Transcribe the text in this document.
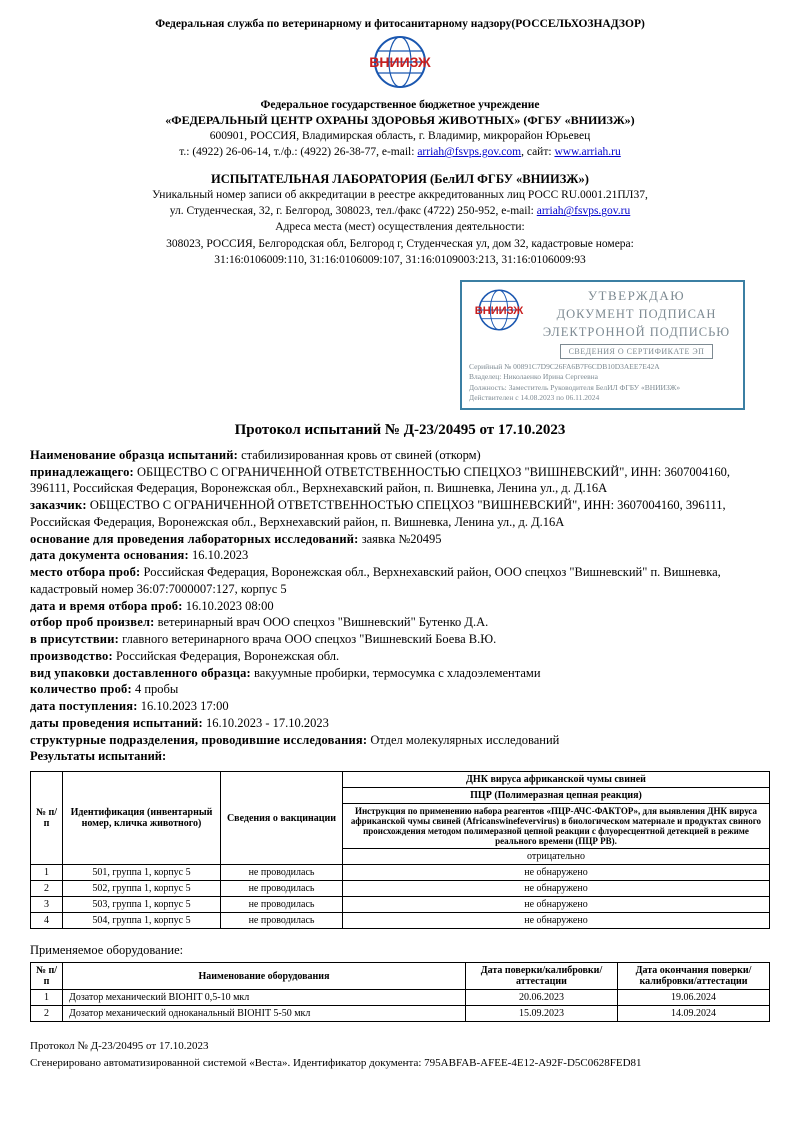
Федеральная служба по ветеринарному и фитосанитарному надзору(РОССЕЛЬХОЗНАДЗОР)
ВНИИЗЖ
Федеральное государственное бюджетное учреждение
«ФЕДЕРАЛЬНЫЙ ЦЕНТР ОХРАНЫ ЗДОРОВЬЯ ЖИВОТНЫХ» (ФГБУ «ВНИИЗЖ»)
600901, РОССИЯ, Владимирская область, г. Владимир, микрорайон Юрьевец
т.: (4922) 26-06-14, т./ф.: (4922) 26-38-77, e-mail: arriah@fsvps.gov.com, сайт: www.arriah.ru
ИСПЫТАТЕЛЬНАЯ ЛАБОРАТОРИЯ (БелИЛ ФГБУ «ВНИИЗЖ»)
Уникальный номер записи об аккредитации в реестре аккредитованных лиц РОСС RU.0001.21ПЛ37,
ул. Студенческая, 32, г. Белгород, 308023, тел./факс (4722) 250-952, e-mail: arriah@fsvps.gov.ru
Адреса места (мест) осуществления деятельности:
308023, РОССИЯ, Белгородская обл, Белгород г, Студенческая ул, дом 32, кадастровые номера:
31:16:0106009:110, 31:16:0106009:107, 31:16:0109003:213, 31:16:0106009:93
ВНИИЗЖ
УТВЕРЖДАЮ
ДОКУМЕНТ ПОДПИСАН
ЭЛЕКТРОННОЙ ПОДПИСЬЮ
СВЕДЕНИЯ О СЕРТИФИКАТЕ ЭП
Серийный № 00891C7D9C26FA6B7F6CDB10D3AEE7E42A
Владелец: Николаенко Ирина Сергеевна
Должность: Заместитель Руководителя БелИЛ ФГБУ «ВНИИЗЖ»
Действителен с 14.08.2023 по 06.11.2024
Протокол испытаний № Д-23/20495 от 17.10.2023
Наименование образца испытаний: стабилизированная кровь от свиней (откорм)
принадлежащего: ОБЩЕСТВО С ОГРАНИЧЕННОЙ ОТВЕТСТВЕННОСТЬЮ СПЕЦХОЗ "ВИШНЕВСКИЙ", ИНН: 3607004160, 396111, Российская Федерация, Воронежская обл., Верхнехавский район, п. Вишневка, Ленина ул., д. Д.16А
заказчик: ОБЩЕСТВО С ОГРАНИЧЕННОЙ ОТВЕТСТВЕННОСТЬЮ СПЕЦХОЗ "ВИШНЕВСКИЙ", ИНН: 3607004160, 396111, Российская Федерация, Воронежская обл., Верхнехавский район, п. Вишневка, Ленина ул., д. Д.16А
основание для проведения лабораторных исследований: заявка №20495
дата документа основания: 16.10.2023
место отбора проб: Российская Федерация, Воронежская обл., Верхнехавский район, ООО спецхоз "Вишневский" п. Вишневка, кадастровый номер 36:07:7000007:127, корпус 5
дата и время отбора проб: 16.10.2023 08:00
отбор проб произвел: ветеринарный врач ООО спецхоз "Вишневский" Бутенко Д.А.
в присутствии: главного ветеринарного врача ООО спецхоз "Вишневский Боева В.Ю.
производство: Российская Федерация, Воронежская обл.
вид упаковки доставленного образца: вакуумные пробирки, термосумка с хладоэлементами
количество проб: 4 пробы
дата поступления: 16.10.2023 17:00
даты проведения испытаний: 16.10.2023 - 17.10.2023
структурные подразделения, проводившие исследования: Отдел молекулярных исследований
Результаты испытаний:
№ п/п	Идентификация (инвентарный номер, кличка животного)	Сведения о вакцинации	ДНК вируса африканской чумы свиней
			ПЦР (Полимеразная цепная реакция)
			Инструкция по применению набора реагентов «ПЦР-АЧС-ФАКТОР», для выявления ДНК вируса африканской чумы свиней (Africanswinefevervirus) в биологическом материале и продуктах свиного происхождения методом полимеразной цепной реакции с флуоресцентной детекцией в режиме реального времени (ПЦР РВ).
			отрицательно
1	501, группа 1, корпус 5	не проводилась	не обнаружено
2	502, группа 1, корпус 5	не проводилась	не обнаружено
3	503, группа 1, корпус 5	не проводилась	не обнаружено
4	504, группа 1, корпус 5	не проводилась	не обнаружено
Применяемое оборудование:
№ п/п	Наименование оборудования	Дата поверки/калибровки/аттестации	Дата окончания поверки/калибровки/аттестации
1	Дозатор механический BIOHIT 0,5-10 мкл	20.06.2023	19.06.2024
2	Дозатор механический одноканальный BIOHIT 5-50 мкл	15.09.2023	14.09.2024
Протокол № Д-23/20495 от 17.10.2023
Сгенерировано автоматизированной системой «Веста». Идентификатор документа: 795ABFAB-AFEE-4E12-A92F-D5C0628FED81
